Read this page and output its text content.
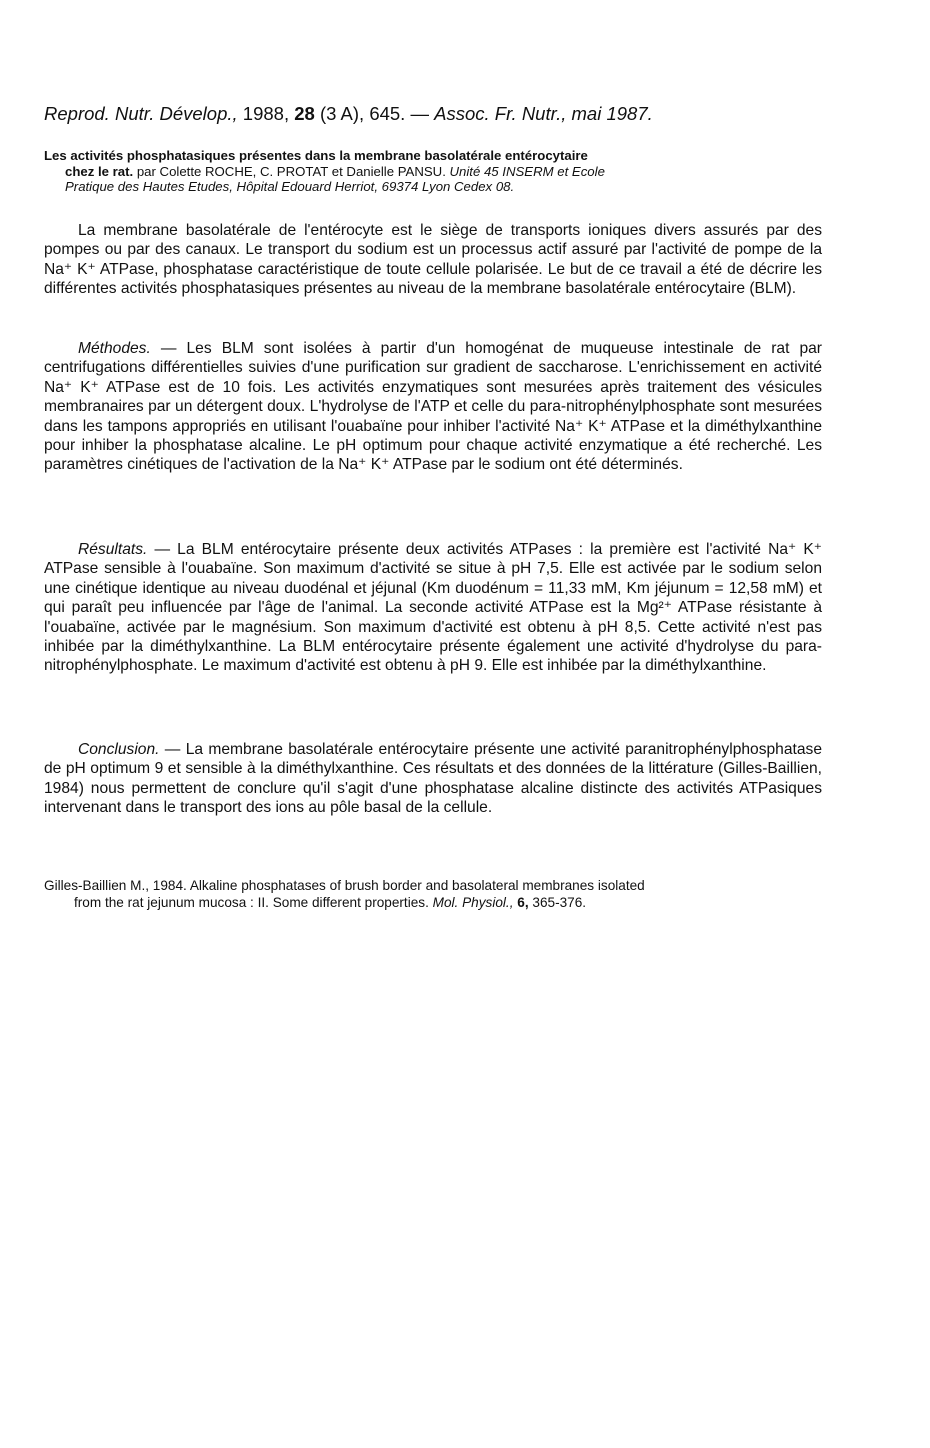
Reprod. Nutr. Dévelop., 1988, 28 (3 A), 645. — Assoc. Fr. Nutr., mai 1987.
Les activités phosphatasiques présentes dans la membrane basolatérale entérocytaire
chez le rat. par Colette ROCHE, C. PROTAT et Danielle PANSU. Unité 45 INSERM et Ecole
Pratique des Hautes Etudes, Hôpital Edouard Herriot, 69374 Lyon Cedex 08.

La membrane basolatérale de l'entérocyte est le siège de transports ioniques divers assurés par des pompes ou par des canaux. Le transport du sodium est un processus actif assuré par l'activité de pompe de la Na⁺ K⁺ ATPase, phosphatase caractéristique de toute cellule polarisée. Le but de ce travail a été de décrire les différentes activités phosphatasiques présentes au niveau de la membrane basolatérale entérocytaire (BLM).

Méthodes. — Les BLM sont isolées à partir d'un homogénat de muqueuse intestinale de rat par centrifugations différentielles suivies d'une purification sur gradient de saccharose. L'enrichissement en activité Na⁺ K⁺ ATPase est de 10 fois. Les activités enzymatiques sont mesurées après traitement des vésicules membranaires par un détergent doux. L'hydrolyse de l'ATP et celle du para-nitrophénylphosphate sont mesurées dans les tampons appropriés en utilisant l'ouabaïne pour inhiber l'activité Na⁺ K⁺ ATPase et la diméthylxanthine pour inhiber la phosphatase alcaline. Le pH optimum pour chaque activité enzymatique a été recherché. Les paramètres cinétiques de l'activation de la Na⁺ K⁺ ATPase par le sodium ont été déterminés.

Résultats. — La BLM entérocytaire présente deux activités ATPases : la première est l'activité Na⁺ K⁺ ATPase sensible à l'ouabaïne. Son maximum d'activité se situe à pH 7,5. Elle est activée par le sodium selon une cinétique identique au niveau duodénal et jéjunal (Km duodénum = 11,33 mM, Km jéjunum = 12,58 mM) et qui paraît peu influencée par l'âge de l'animal. La seconde activité ATPase est la Mg²⁺ ATPase résistante à l'ouabaïne, activée par le magnésium. Son maximum d'activité est obtenu à pH 8,5. Cette activité n'est pas inhibée par la diméthylxanthine. La BLM entérocytaire présente également une activité d'hydrolyse du para-nitrophénylphosphate. Le maximum d'activité est obtenu à pH 9. Elle est inhibée par la diméthylxanthine.

Conclusion. — La membrane basolatérale entérocytaire présente une activité paranitrophénylphosphatase de pH optimum 9 et sensible à la diméthylxanthine. Ces résultats et des données de la littérature (Gilles-Baillien, 1984) nous permettent de conclure qu'il s'agit d'une phosphatase alcaline distincte des activités ATPasiques intervenant dans le transport des ions au pôle basal de la cellule.

Gilles-Baillien M., 1984. Alkaline phosphatases of brush border and basolateral membranes isolated
from the rat jejunum mucosa : II. Some different properties. Mol. Physiol., 6, 365-376.
